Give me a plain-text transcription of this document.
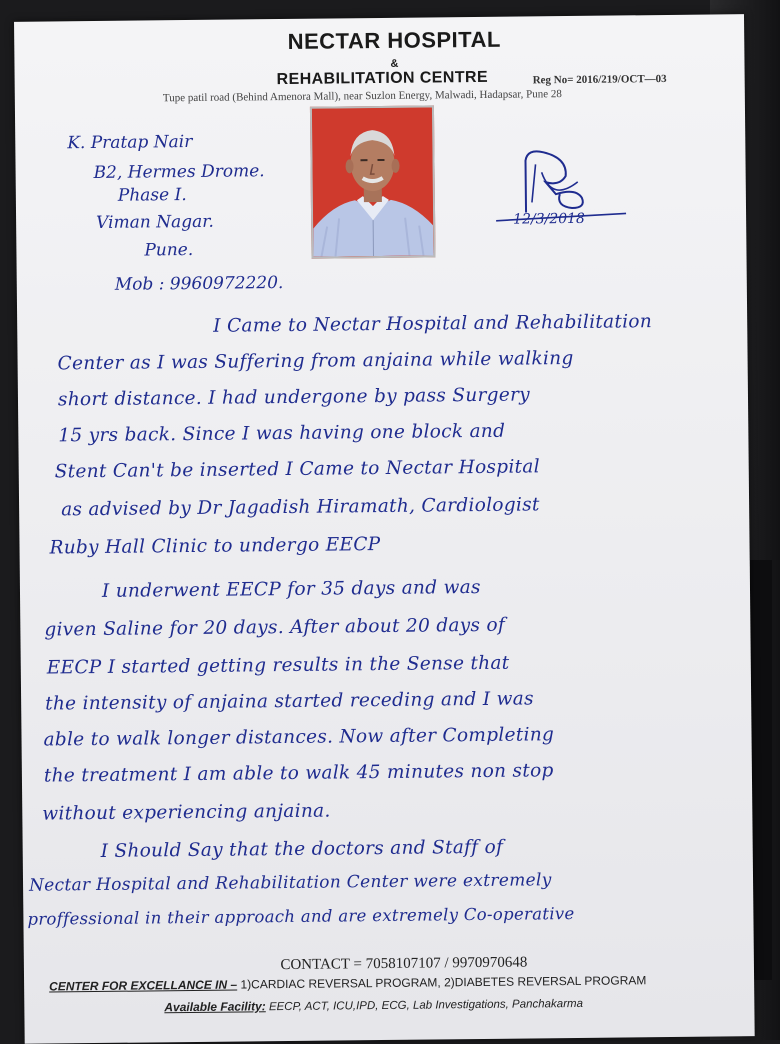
NECTAR HOSPITAL
&
REHABILITATION CENTRE	Reg No= 2016/219/OCT—03
Tupe patil road (Behind Amenora Mall), near Suzlon Energy, Malwadi, Hadapsar, Pune 28
K. Pratap Nair
B2, Hermes Drome.
Phase I.
Viman Nagar.
Pune.
Mob : 9960972220.
12/3/2018
I Came to Nectar Hospital and Rehabilitation
Center as I was Suffering from anjaina while walking
short distance. I had undergone by pass Surgery
15 yrs back. Since I was having one block and
Stent Can't be inserted I Came to Nectar Hospital
as advised by Dr Jagadish Hiramath, Cardiologist
Ruby Hall Clinic to undergo EECP
I underwent EECP for 35 days and was
given Saline for 20 days. After about 20 days of
EECP I started getting results in the Sense that
the intensity of anjaina started receding and I was
able to walk longer distances. Now after Completing
the treatment I am able to walk 45 minutes non stop
without experiencing anjaina.
I Should Say that the doctors and Staff of
Nectar Hospital and Rehabilitation Center were extremely
proffessional in their approach and are extremely Co-operative
CONTACT = 7058107107 / 9970970648
CENTER FOR EXCELLANCE IN – 1)CARDIAC REVERSAL PROGRAM, 2)DIABETES REVERSAL PROGRAM
Available Facility: EECP, ACT, ICU,IPD, ECG, Lab Investigations, Panchakarma
